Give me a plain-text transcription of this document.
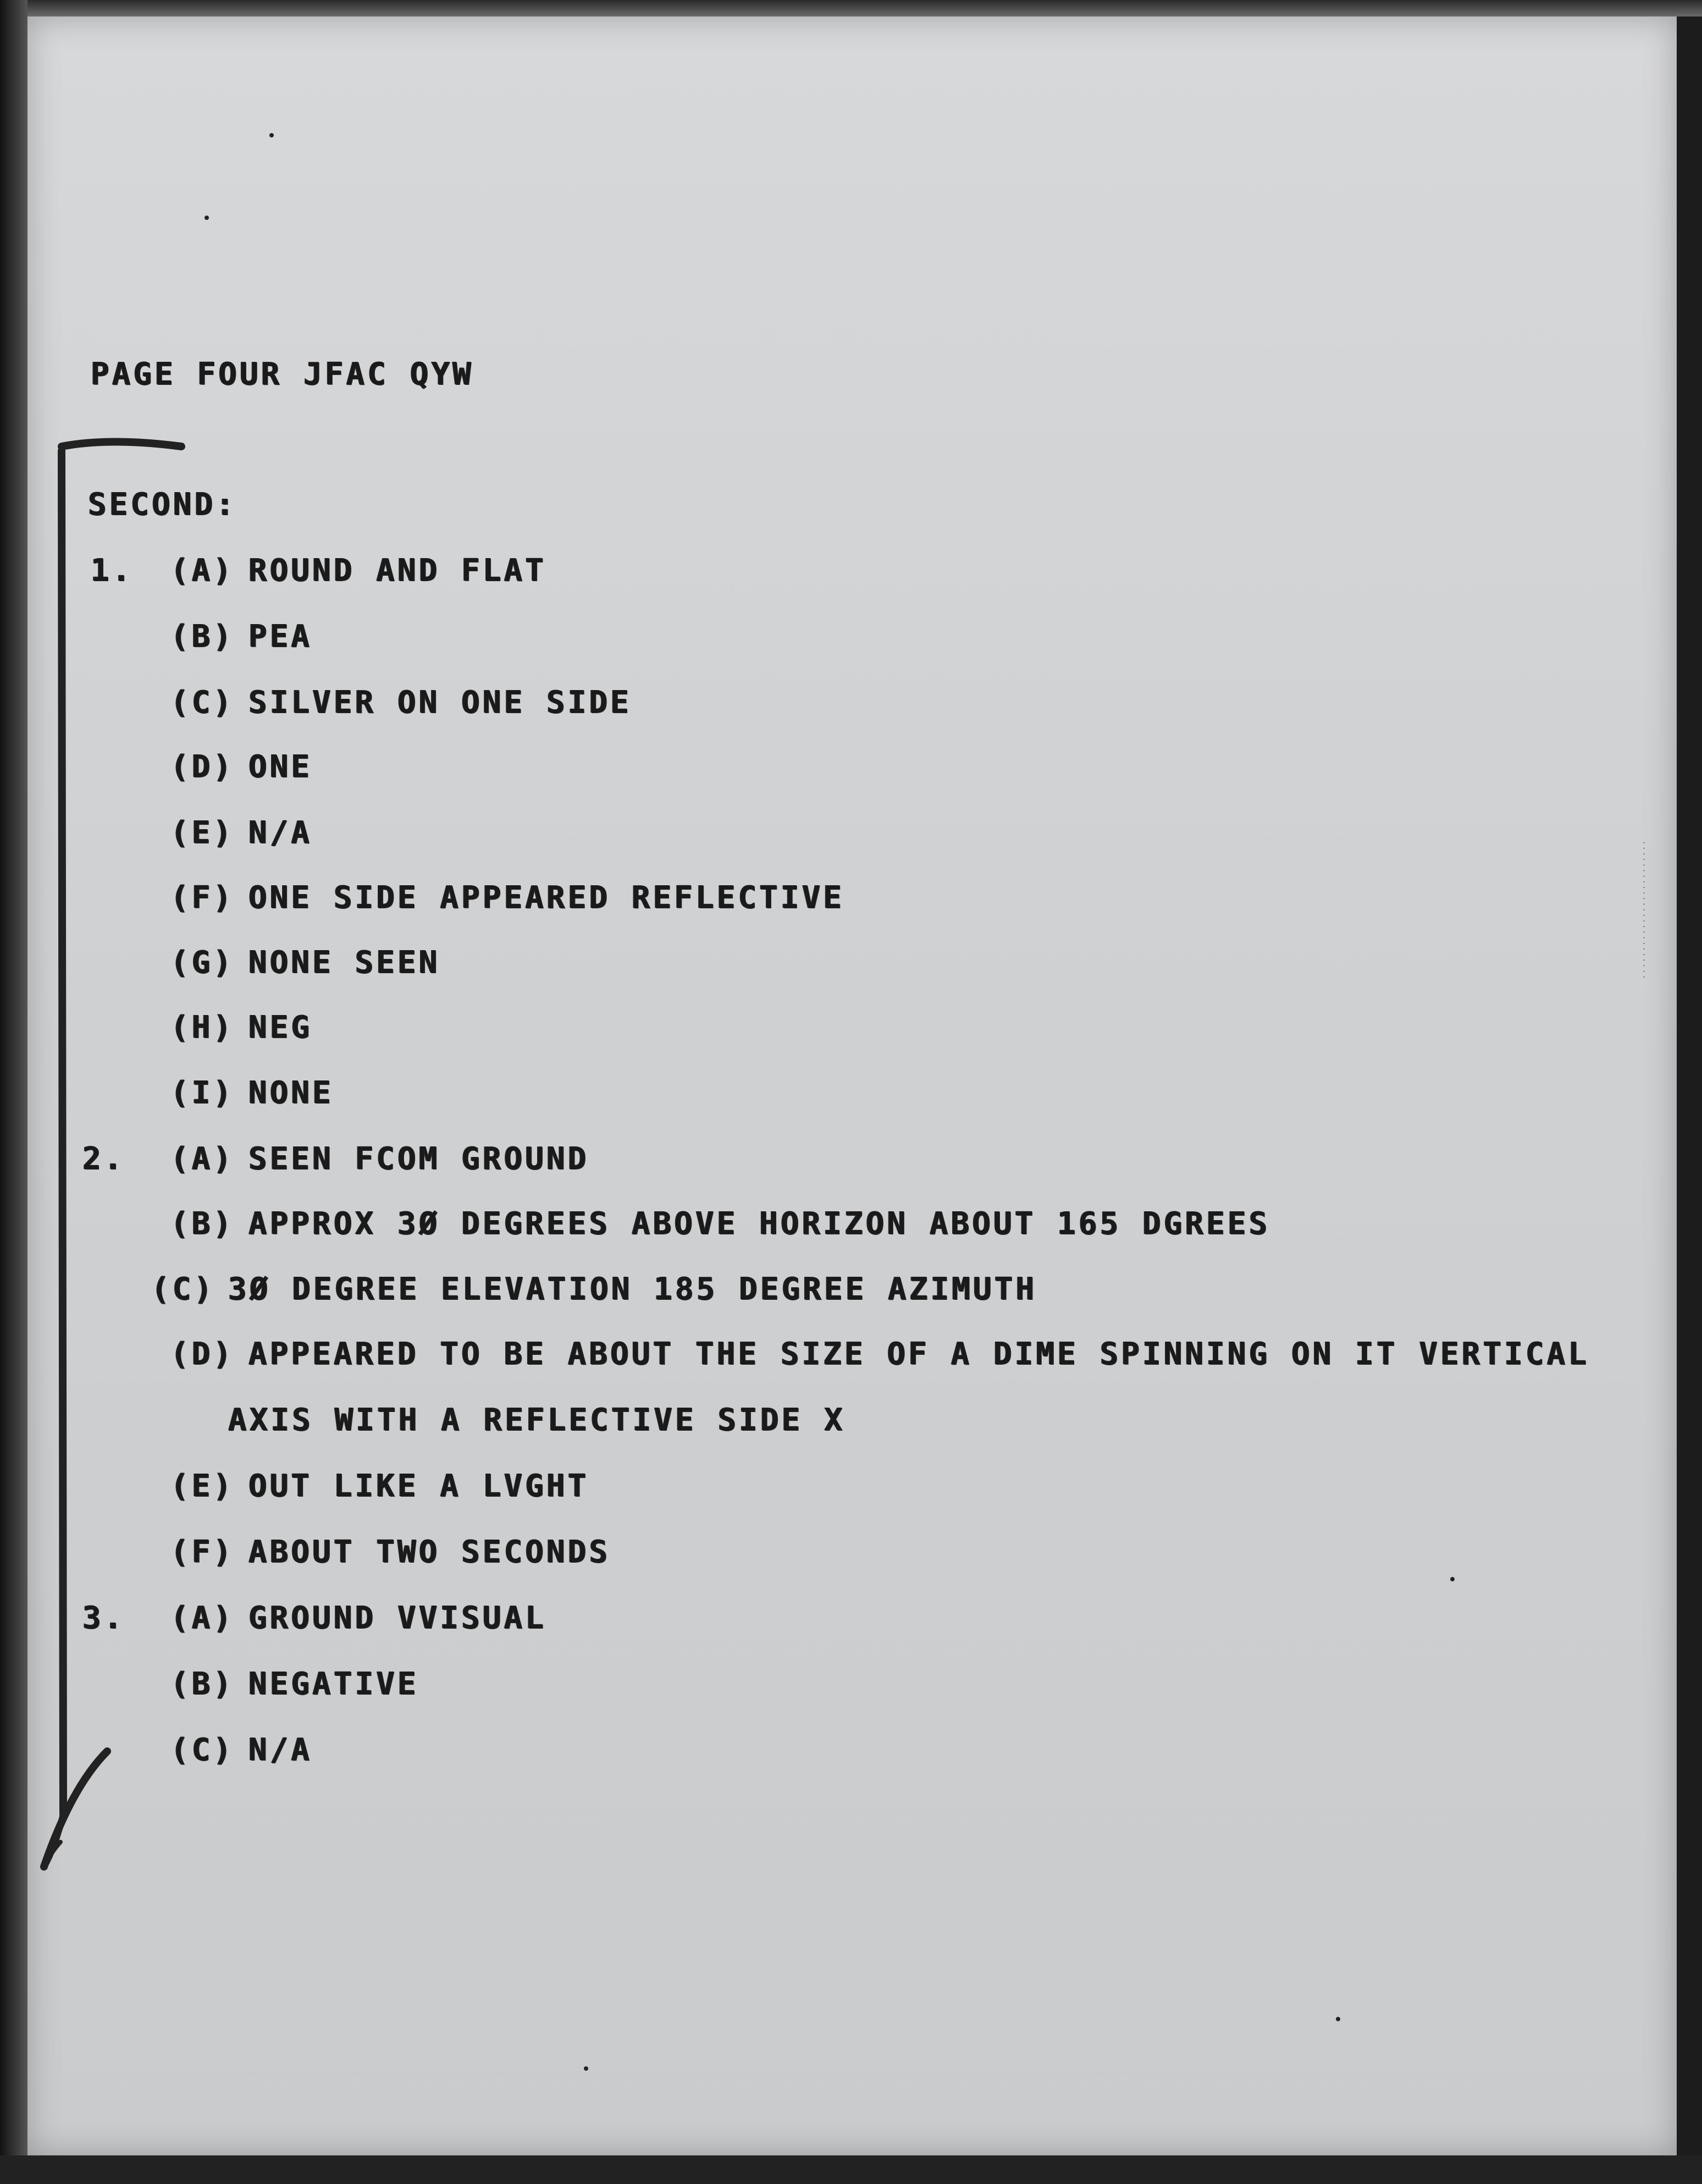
· · · · · · · · · · · · · · · · · · · · · · · · ·
PAGE FOUR JFAC QYW
SECOND:
1. (A) ROUND AND FLAT
(B) PEA
(C) SILVER ON ONE SIDE
(D) ONE
(E) N/A
(F) ONE SIDE APPEARED REFLECTIVE
(G) NONE SEEN
(H) NEG
(I) NONE
2. (A) SEEN FCOM GROUND
(B) APPROX 3Ø DEGREES ABOVE HORIZON ABOUT 165 DGREES
(C) 3Ø DEGREE ELEVATION 185 DEGREE AZIMUTH
(D) APPEARED TO BE ABOUT THE SIZE OF A DIME SPINNING ON IT VERTICAL
AXIS WITH A REFLECTIVE SIDE X
(E) OUT LIKE A LVGHT
(F) ABOUT TWO SECONDS
3. (A) GROUND VVISUAL
(B) NEGATIVE
(C) N/A
